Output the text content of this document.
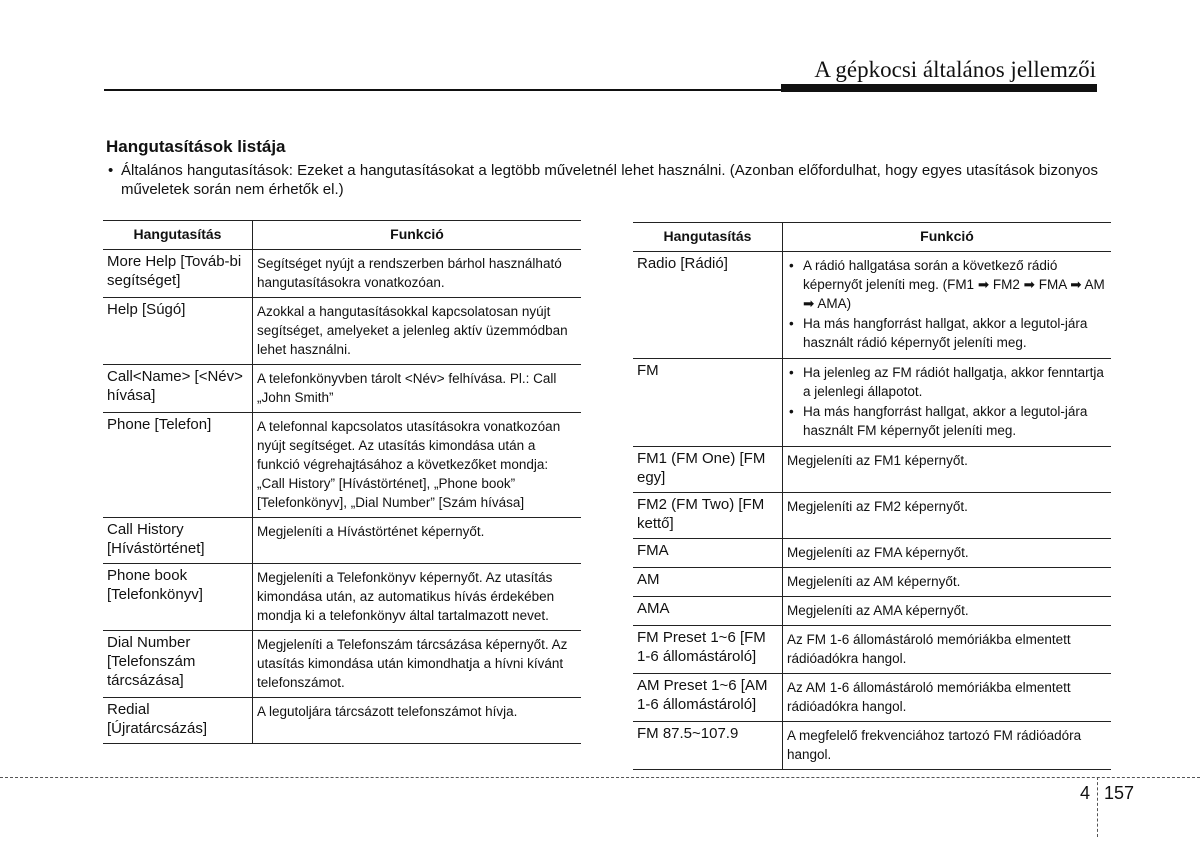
A gépkocsi általános jellemzői
Hangutasítások listája
• Általános hangutasítások: Ezeket a hangutasításokat a legtöbb műveletnél lehet használni. (Azonban előfordulhat, hogy egyes utasítások bizonyos műveletek során nem érhetők el.)
Hangutasítás	Funkció
More Help [Továb-bi segítséget]	Segítséget nyújt a rendszerben bárhol használható hangutasításokra vonatkozóan.

Help [Súgó]	Azokkal a hangutasításokkal kapcsolatosan nyújt segítséget, amelyeket a jelenleg aktív üzemmódban lehet használni.

Call<Name> [<Név> hívása]	A telefonkönyvben tárolt <Név> felhívása. Pl.: Call „John Smith”

Phone [Telefon]	A telefonnal kapcsolatos utasításokra vonatkozóan nyújt segítséget. Az utasítás kimondása után a funkció végrehajtásához a következőket mondja: „Call History” [Hívástörténet], „Phone book” [Telefonkönyv], „Dial Number” [Szám hívása]

Call History [Hívástörténet]	Megjeleníti a Hívástörténet képernyőt.

Phone book [Telefonkönyv]	Megjeleníti a Telefonkönyv képernyőt. Az utasítás kimondása után, az automatikus hívás érdekében mondja ki a telefonkönyv által tartalmazott nevet.

Dial Number [Telefonszám tárcsázása]	Megjeleníti a Telefonszám tárcsázása képernyőt. Az utasítás kimondása után kimondhatja a hívni kívánt telefonszámot.

Redial [Újratárcsázás]	A legutoljára tárcsázott telefonszámot hívja.
Hangutasítás	Funkció
Radio [Rádió]	• A rádió hallgatása során a következő rádió képernyőt jeleníti meg. (FM1 ➡ FM2 ➡ FMA ➡ AM ➡ AMA)
• Ha más hangforrást hallgat, akkor a legutol-jára használt rádió képernyőt jeleníti meg.

FM	• Ha jelenleg az FM rádiót hallgatja, akkor fenntartja a jelenlegi állapotot.
• Ha más hangforrást hallgat, akkor a legutol-jára használt FM képernyőt jeleníti meg.

FM1 (FM One) [FM egy]	Megjeleníti az FM1 képernyőt.
FM2 (FM Two) [FM kettő]	Megjeleníti az FM2 képernyőt.
FMA	Megjeleníti az FMA képernyőt.
AM	Megjeleníti az AM képernyőt.
AMA	Megjeleníti az AMA képernyőt.
FM Preset 1~6 [FM 1-6 állomástároló]	Az FM 1-6 állomástároló memóriákba elmentett rádióadókra hangol.
AM Preset 1~6 [AM 1-6 állomástároló]	Az AM 1-6 állomástároló memóriákba elmentett rádióadókra hangol.
FM 87.5~107.9	A megfelelő frekvenciához tartozó FM rádióadóra hangol.
4 157
